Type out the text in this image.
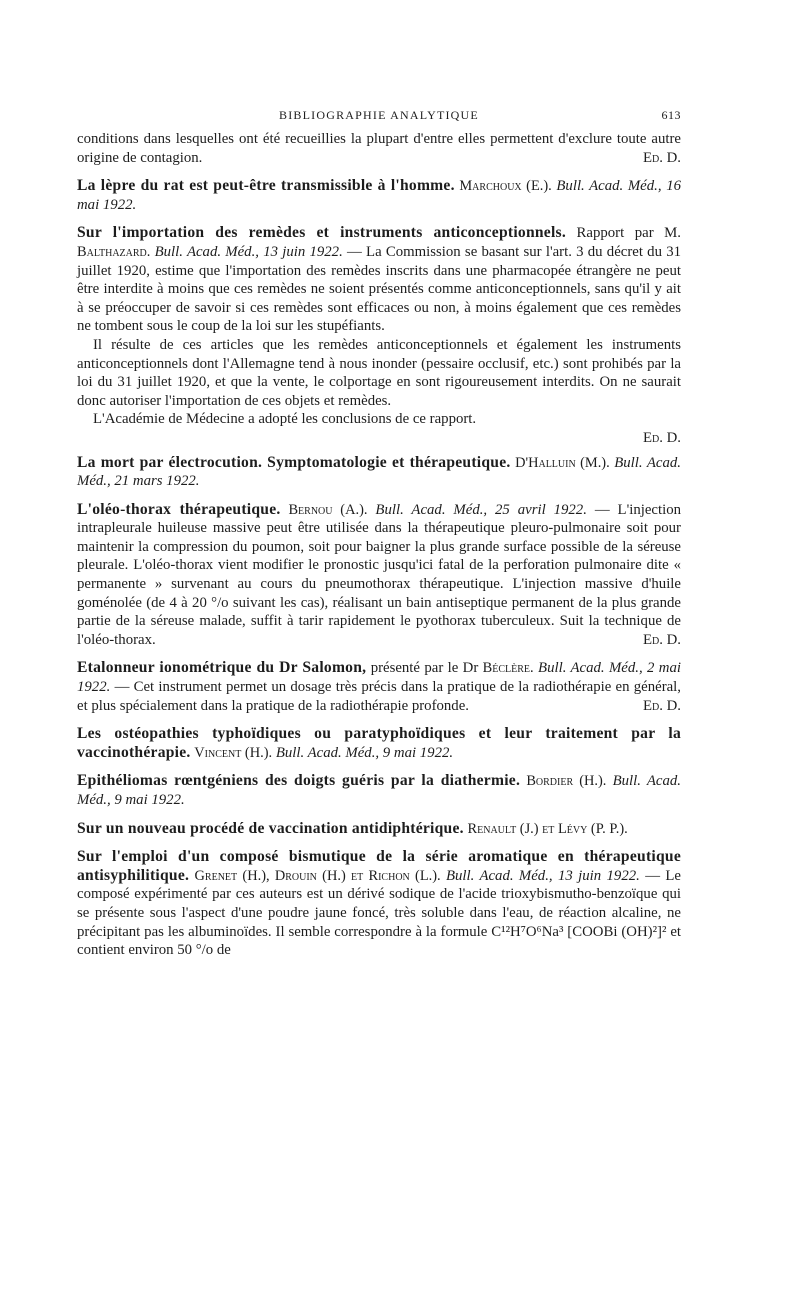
BIBLIOGRAPHIE ANALYTIQUE	613
conditions dans lesquelles ont été recueillies la plupart d'entre elles permettent d'exclure toute autre origine de contagion.	Ed. D.
La lèpre du rat est peut-être transmissible à l'homme. Marchoux (E.). Bull. Acad. Méd., 16 mai 1922.
Sur l'importation des remèdes et instruments anticonceptionnels. Rapport par M. Balthazard. Bull. Acad. Méd., 13 juin 1922. — La Commission se basant sur l'art. 3 du décret du 31 juillet 1920, estime que l'importation des remèdes inscrits dans une pharmacopée étrangère ne peut être interdite à moins que ces remèdes ne soient présentés comme anticonceptionnels, sans qu'il y ait à se préoccuper de savoir si ces remèdes sont efficaces ou non, à moins également que ces remèdes ne tombent sous le coup de la loi sur les stupéfiants.
Il résulte de ces articles que les remèdes anticonceptionnels et également les instruments anticonceptionnels dont l'Allemagne tend à nous inonder (pessaire occlusif, etc.) sont prohibés par la loi du 31 juillet 1920, et que la vente, le colportage en sont rigoureusement interdits. On ne saurait donc autoriser l'importation de ces objets et remèdes.
L'Académie de Médecine a adopté les conclusions de ce rapport.
Ed. D.
La mort par électrocution. Symptomatologie et thérapeutique. D'Halluin (M.). Bull. Acad. Méd., 21 mars 1922.
L'oléo-thorax thérapeutique. Bernou (A.). Bull. Acad. Méd., 25 avril 1922. — L'injection intrapleurale huileuse massive peut être utilisée dans la thérapeutique pleuro-pulmonaire soit pour maintenir la compression du poumon, soit pour baigner la plus grande surface possible de la séreuse pleurale. L'oléo-thorax vient modifier le pronostic jusqu'ici fatal de la perforation pulmonaire dite « permanente » survenant au cours du pneumothorax thérapeutique. L'injection massive d'huile goménolée (de 4 à 20 °/o suivant les cas), réalisant un bain antiseptique permanent de la plus grande partie de la séreuse malade, suffit à tarir rapidement le pyothorax tuberculeux. Suit la technique de l'oléo-thorax.	Ed. D.
Etalonneur ionométrique du Dr Salomon, présenté par le Dr Béclère. Bull. Acad. Méd., 2 mai 1922. — Cet instrument permet un dosage très précis dans la pratique de la radiothérapie en général, et plus spécialement dans la pratique de la radiothérapie profonde.	Ed. D.
Les ostéopathies typhoïdiques ou paratyphoïdiques et leur traitement par la vaccinothérapie. Vincent (H.). Bull. Acad. Méd., 9 mai 1922.
Epithéliomas rœntgéniens des doigts guéris par la diathermie. Bordier (H.). Bull. Acad. Méd., 9 mai 1922.
Sur un nouveau procédé de vaccination antidiphtérique. Renault (J.) et Lévy (P. P.).
Sur l'emploi d'un composé bismutique de la série aromatique en thérapeutique antisyphilitique. Grenet (H.), Drouin (H.) et Richon (L.). Bull. Acad. Méd., 13 juin 1922. — Le composé expérimenté par ces auteurs est un dérivé sodique de l'acide trioxybismutho-benzoïque qui se présente sous l'aspect d'une poudre jaune foncé, très soluble dans l'eau, de réaction alcaline, ne précipitant pas les albuminoïdes. Il semble correspondre à la formule C¹²H⁷O⁶Na³ [COOBi (OH)²]² et contient environ 50 °/o de
